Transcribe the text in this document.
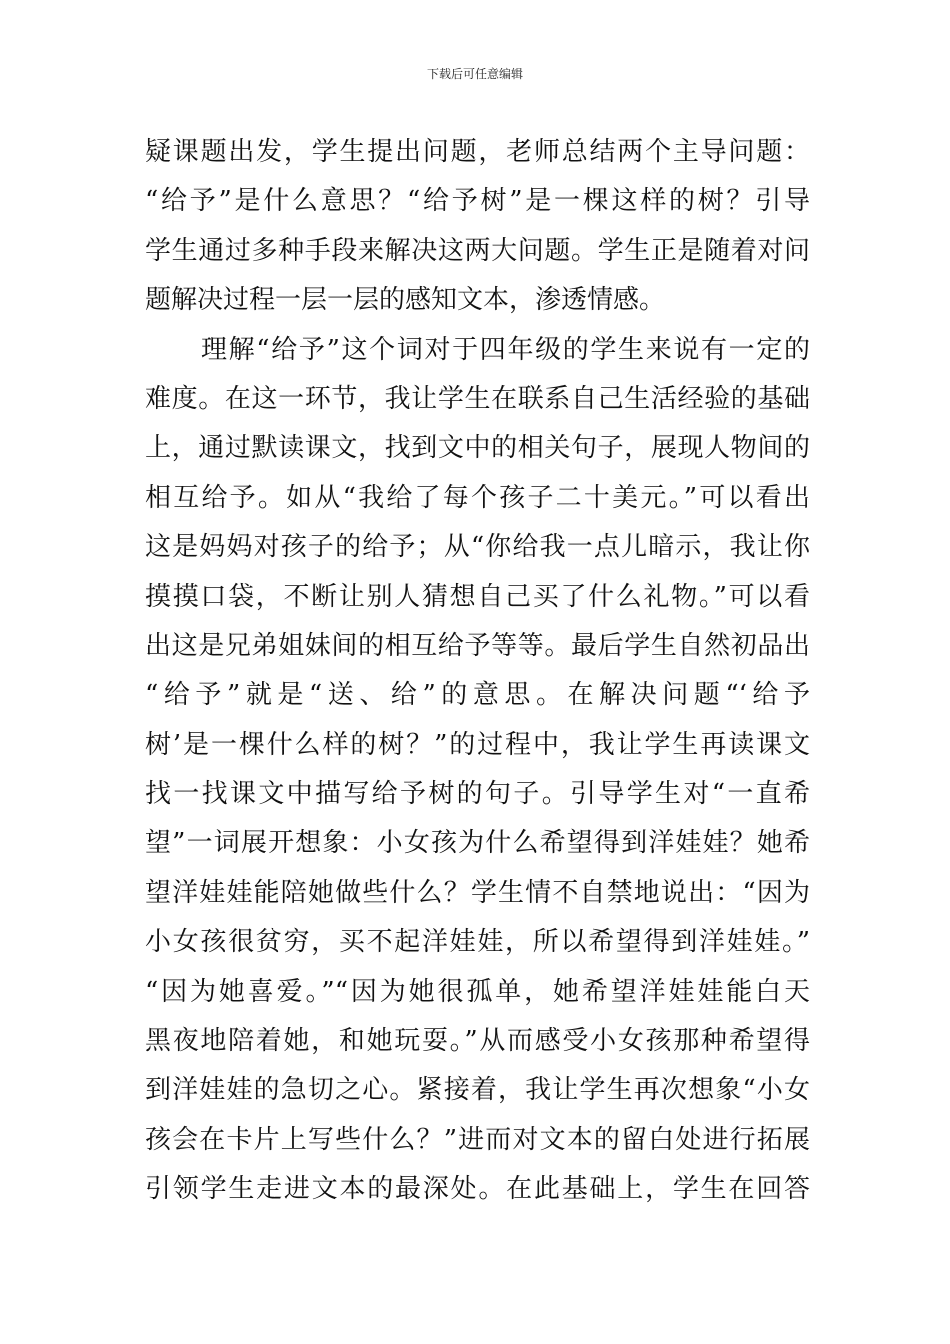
下载后可任意编辑
疑课题出发，学生提出问题，老师总结两个主导问题：
“给予”是什么意思？“给予树”是一棵这样的树？引导
学生通过多种手段来解决这两大问题。学生正是随着对问
题解决过程一层一层的感知文本，渗透情感。
理解“给予”这个词对于四年级的学生来说有一定的
难度。在这一环节，我让学生在联系自己生活经验的基础
上，通过默读课文，找到文中的相关句子，展现人物间的
相互给予。如从“我给了每个孩子二十美元。”可以看出
这是妈妈对孩子的给予；从“你给我一点儿暗示，我让你
摸摸口袋，不断让别人猜想自己买了什么礼物。”可以看
出这是兄弟姐妹间的相互给予等等。最后学生自然初品出
“给予”就是“送、给”的意思。在解决问题“‘给予
树’是一棵什么样的树？”的过程中，我让学生再读课文
找一找课文中描写给予树的句子。引导学生对“一直希
望”一词展开想象：小女孩为什么希望得到洋娃娃？她希
望洋娃娃能陪她做些什么？学生情不自禁地说出：“因为
小女孩很贫穷，买不起洋娃娃，所以希望得到洋娃娃。”
“因为她喜爱。”“因为她很孤单，她希望洋娃娃能白天
黑夜地陪着她，和她玩耍。”从而感受小女孩那种希望得
到洋娃娃的急切之心。紧接着，我让学生再次想象“小女
孩会在卡片上写些什么？”进而对文本的留白处进行拓展
引领学生走进文本的最深处。在此基础上，学生在回答
